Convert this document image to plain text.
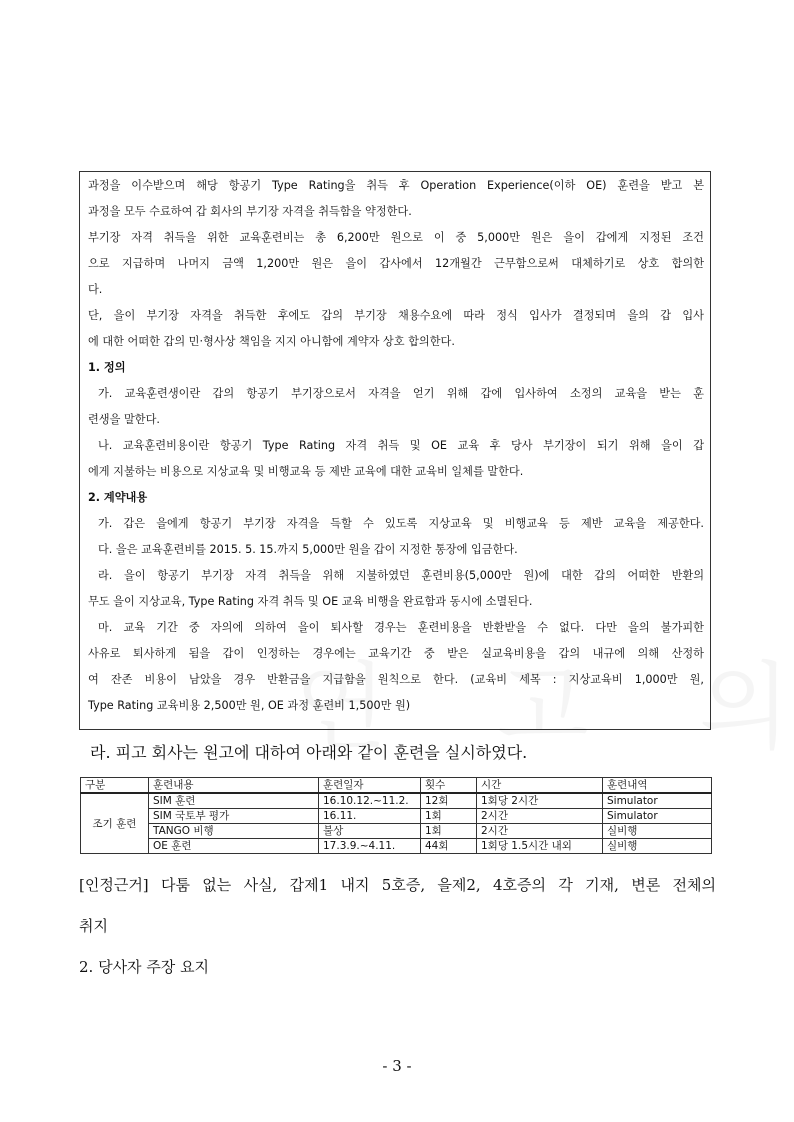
과정을 이수받으며 해당 항공기 Type Rating을 취득 후 Operation Experience(이하 OE) 훈련을 받고 본
과정을 모두 수료하여 갑 회사의 부기장 자격을 취득함을 약정한다.
부기장 자격 취득을 위한 교육훈련비는 총 6,200만 원으로 이 중 5,000만 원은 을이 갑에게 지정된 조건
으로 지급하며 나머지 금액 1,200만 원은 을이 갑사에서 12개월간 근무함으로써 대체하기로 상호 합의한
다.
단, 을이 부기장 자격을 취득한 후에도 갑의 부기장 채용수요에 따라 정식 입사가 결정되며 을의 갑 입사
에 대한 어떠한 갑의 민·형사상 책임을 지지 아니함에 계약자 상호 합의한다.
1. 정의
가. 교육훈련생이란 갑의 항공기 부기장으로서 자격을 얻기 위해 갑에 입사하여 소정의 교육을 받는 훈
련생을 말한다.
나. 교육훈련비용이란 항공기 Type Rating 자격 취득 및 OE 교육 후 당사 부기장이 되기 위해 을이 갑
에게 지불하는 비용으로 지상교육 및 비행교육 등 제반 교육에 대한 교육비 일체를 말한다.
2. 계약내용
가. 갑은 을에게 항공기 부기장 자격을 득할 수 있도록 지상교육 및 비행교육 등 제반 교육을 제공한다.
다. 을은 교육훈련비를 2015. 5. 15.까지 5,000만 원을 갑이 지정한 통장에 입금한다.
라. 을이 항공기 부기장 자격 취득을 위해 지불하였던 훈련비용(5,000만 원)에 대한 갑의 어떠한 반환의
무도 을이 지상교육, Type Rating 자격 취득 및 OE 교육 비행을 완료함과 동시에 소멸된다.
마. 교육 기간 중 자의에 의하여 을이 퇴사할 경우는 훈련비용을 반환받을 수 없다. 다만 을의 불가피한
사유로 퇴사하게 됨을 갑이 인정하는 경우에는 교육기간 중 받은 실교육비용을 갑의 내규에 의해 산정하
여 잔존 비용이 남았을 경우 반환금을 지급함을 원칙으로 한다. (교육비 세목 : 지상교육비 1,000만 원,
Type Rating 교육비용 2,500만 원, OE 과정 훈련비 1,500만 원)
라. 피고 회사는 원고에 대하여 아래와 같이 훈련을 실시하였다.
구분	훈련내용	훈련일자	횟수	시간	훈련내역
조기 훈련	SIM 훈련	16.10.12.~11.2.	12회	1회당 2시간	Simulator
	SIM 국토부 평가	16.11.	1회	2시간	Simulator
	TANGO 비행	불상	1회	2시간	실비행
	OE 훈련	17.3.9.~4.11.	44회	1회당 1.5시간 내외	실비행
[인정근거] 다툼 없는 사실, 갑제1 내지 5호증, 을제2, 4호증의 각 기재, 변론 전체의
취지
2. 당사자 주장 요지
- 3 -
